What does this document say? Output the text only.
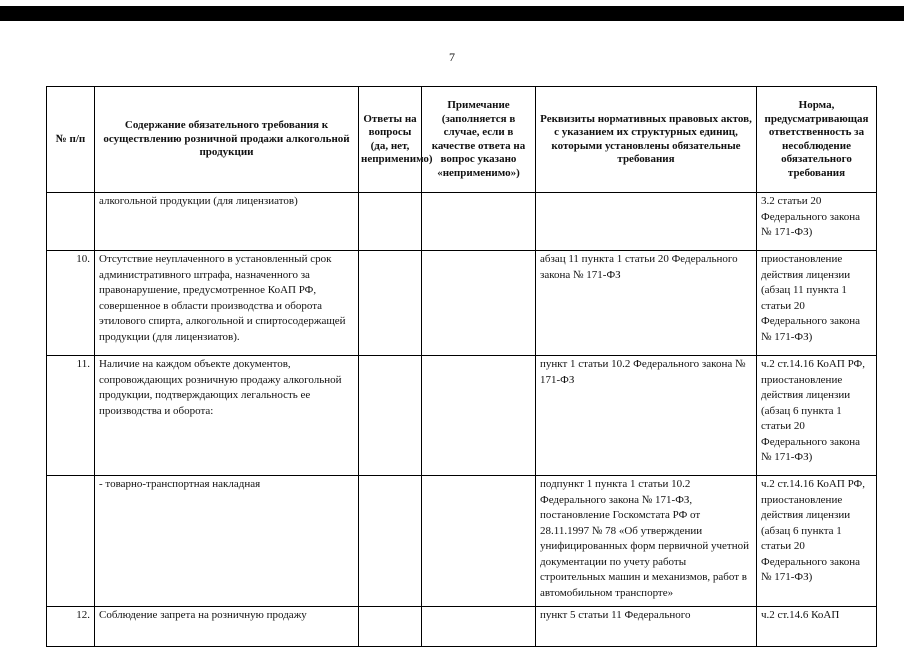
7
№ п/п	Содержание обязательного требования к осуществлению розничной продажи алкогольной продукции	Ответы на вопросы (да, нет, неприменимо)	Примечание (заполняется в случае, если в качестве ответа на вопрос указано «неприменимо»)	Реквизиты нормативных правовых актов, с указанием их структурных единиц, которыми установлены обязательные требования	Норма, предусматривающая ответственность за несоблюдение обязательного требования
	алкогольной продукции (для лицензиатов)				3.2 статьи 20 Федерального закона № 171-ФЗ)
10.	Отсутствие неуплаченного в установленный срок административного штрафа, назначенного за правонарушение, предусмотренное КоАП РФ, совершенное в области производства и оборота этилового спирта, алкогольной и спиртосодержащей продукции (для лицензиатов).			абзац 11 пункта 1 статьи 20 Федерального закона № 171-ФЗ	приостановление действия лицензии (абзац 11 пункта 1 статьи 20 Федерального закона № 171-ФЗ)
11.	Наличие на каждом объекте документов, сопровождающих розничную продажу алкогольной продукции, подтверждающих легальность ее производства и оборота:			пункт 1 статьи 10.2 Федерального закона № 171-ФЗ	ч.2 ст.14.16 КоАП РФ, приостановление действия лицензии (абзац 6 пункта 1 статьи 20 Федерального закона № 171-ФЗ)
	- товарно-транспортная накладная			подпункт 1 пункта 1 статьи 10.2 Федерального закона № 171-ФЗ, постановление Госкомстата РФ от 28.11.1997 № 78 «Об утверждении унифицированных форм первичной учетной документации по учету работы строительных машин и механизмов, работ в автомобильном транспорте»	ч.2 ст.14.16 КоАП РФ, приостановление действия лицензии (абзац 6 пункта 1 статьи 20 Федерального закона № 171-ФЗ)
12.	Соблюдение запрета на розничную продажу			пункт 5 статьи 11 Федерального	ч.2 ст.14.6 КоАП
